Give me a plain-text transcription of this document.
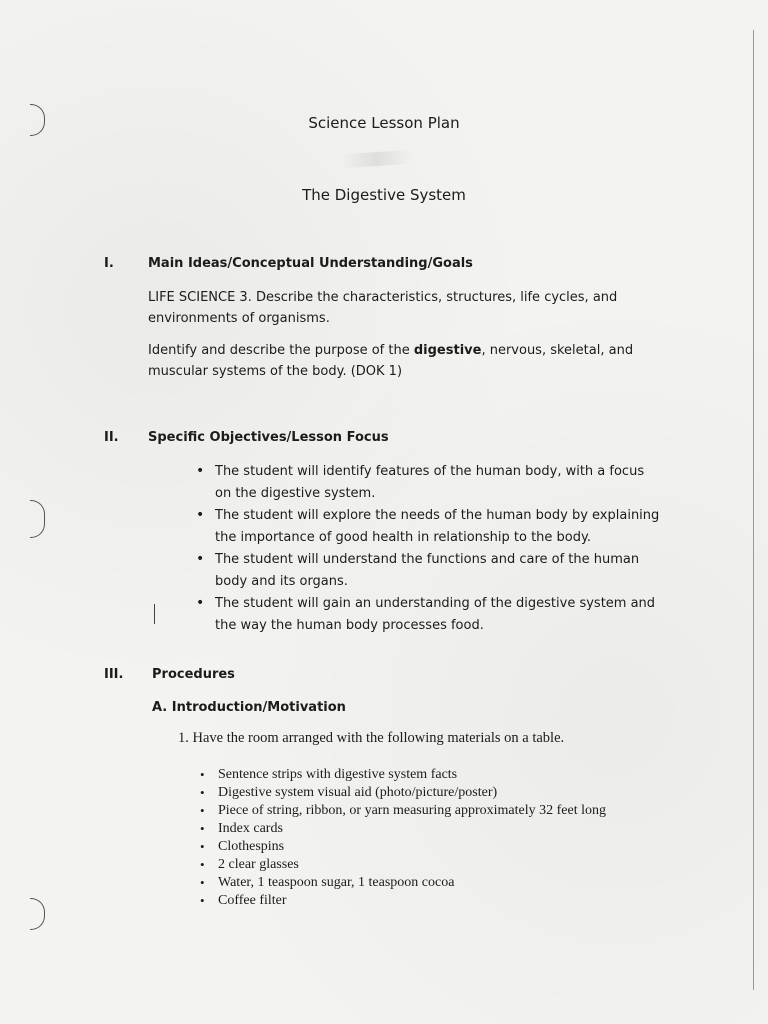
Science Lesson Plan
The Digestive System
I.	Main Ideas/Conceptual Understanding/Goals
LIFE SCIENCE 3. Describe the characteristics, structures, life cycles, and environments of organisms.
Identify and describe the purpose of the digestive, nervous, skeletal, and muscular systems of the body. (DOK 1)
II. Specific Objectives/Lesson Focus
• The student will identify features of the human body, with a focus on the digestive system.
• The student will explore the needs of the human body by explaining the importance of good health in relationship to the body.
• The student will understand the functions and care of the human body and its organs.
• The student will gain an understanding of the digestive system and the way the human body processes food.
III. Procedures
A. Introduction/Motivation
1. Have the room arranged with the following materials on a table.
• Sentence strips with digestive system facts
• Digestive system visual aid (photo/picture/poster)
• Piece of string, ribbon, or yarn measuring approximately 32 feet long
• Index cards
• Clothespins
• 2 clear glasses
• Water, 1 teaspoon sugar, 1 teaspoon cocoa
• Coffee filter
